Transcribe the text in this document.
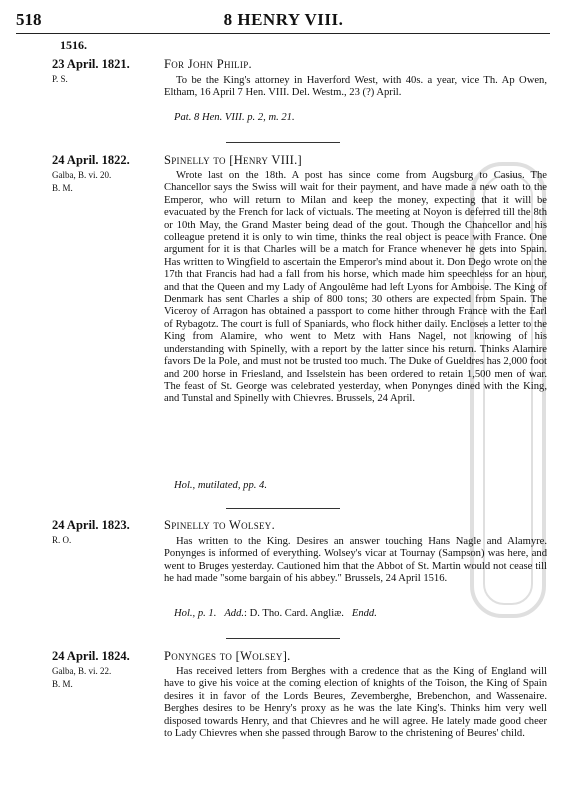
518	8 HENRY VIII.
1516.
23 April. 1821.
P. S.
For John Philip.

To be the King's attorney in Haverford West, with 40s. a year, vice Th. Ap Owen, Eltham, 16 April 7 Hen. VIII. Del. Westm., 23 (?) April.

Pat. 8 Hen. VIII. p. 2, m. 21.
24 April. 1822.
Galba, B. vi. 20.
B. M.
Spinelly to [Henry VIII.]

Wrote last on the 18th. A post has since come from Augsburg to Casius. The Chancellor says the Swiss will wait for their payment, and have made a new oath to the Emperor, who will return to Milan and keep the money, expecting that it will be evacuated by the French for lack of victuals. The meeting at Noyon is deferred till the 8th or 10th May, the Grand Master being dead of the gout. Though the Chancellor and his colleague pretend it is only to win time, thinks the real object is peace with France. One argument for it is that Charles will be a match for France whenever he gets into Spain. Has written to Wingfield to ascertain the Emperor's mind about it. Don Dego wrote on the 17th that Francis had had a fall from his horse, which made him speechless for an hour, and that the Queen and my Lady of Angoulême had left Lyons for Amboise. The King of Denmark has sent Charles a ship of 800 tons; 30 others are expected from Spain. The Viceroy of Arragon has obtained a passport to come hither through France with the Earl of Rybagotz. The court is full of Spaniards, who flock hither daily. Encloses a letter to the King from Alamire, who went to Metz with Hans Nagel, not knowing of his understanding with Spinelly, with a report by the latter since his return. Thinks Alamire favors De la Pole, and must not be trusted too much. The Duke of Gueldres has 2,000 foot and 200 horse in Friesland, and Isselstein has been ordered to retain 1,500 men of war. The feast of St. George was celebrated yesterday, when Ponynges dined with the King, and Tunstal and Spinelly with Chievres. Brussels, 24 April.

Hol., mutilated, pp. 4.
24 April. 1823.
R. O.
Spinelly to Wolsey.

Has written to the King. Desires an answer touching Hans Nagle and Alamyre. Ponynges is informed of everything. Wolsey's vicar at Tournay (Sampson) was here, and went to Bruges yesterday. Cautioned him that the Abbot of St. Martin would not cease till he had made "some bargain of his abbey." Brussels, 24 April 1516.

Hol., p. 1. Add.: D. Tho. Card. Angliæ. Endd.
24 April. 1824.
Galba, B. vi. 22.
B. M.
Ponynges to [Wolsey].

Has received letters from Berghes with a credence that as the King of England will have to give his voice at the coming election of knights of the Toison, the King of Spain desires it in favor of the Lords Beures, Zevemberghe, Brebenchon, and Wassenaire. Berghes desires to be Henry's proxy as he was the late King's. Thinks him very well disposed towards Henry, and that Chievres and he will agree. He lately made good cheer to Lady Chievres when she passed through Barow to the christening of Beures' child.
